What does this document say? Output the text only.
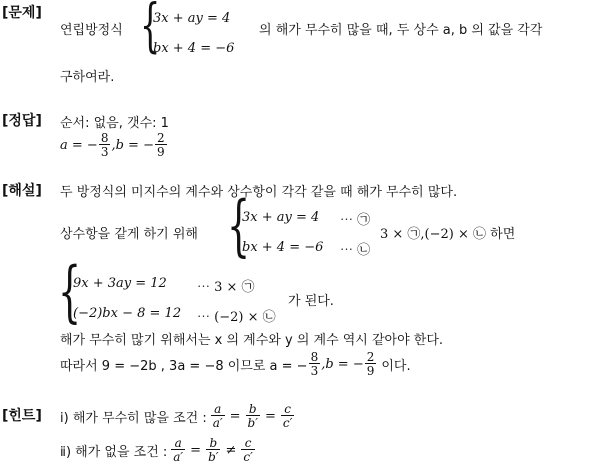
[문제]
연립방정식 {
3x + ay = 4
bx + 4 = −6
의 해가 무수히 많을 때, 두 상수 a, b 의 값을 각각
구하여라.
[정답] 순서: 없음, 갯수: 1
a = − $\frac{8}{3} ,b$ = − $\frac{2}{9}$
[해설] 두 방정식의 미지수의 계수와 상수항이 각각 같을 때 해가 무수히 많다.
상수항을 같게 하기 위해 {
3x + ay = 4 ⋯ ㉠
bx + 4 = −6 ⋯ ㉡
3 × ㉠,(−2) × ㉡ 하면
{
9x + 3ay = 12 ⋯ 3 × ㉠
(−2)bx − 8 = 12 ⋯ (−2) × ㉡
가 된다.
해가 무수히 많기 위해서는 x 의 계수와 y 의 계수 역시 같아야 한다.
따라서 9 = −2b , 3a = −8 이므로 a = − $\frac{8}{3} ,b$ = − $\frac{2}{9}$ 이다.
[힌트] ⅰ) 해가 무수히 많을 조건 : $\frac{a}{a'} = \frac{b}{b'} = \frac{c}{c'}$
ⅱ) 해가 없을 조건 : $\frac{a}{a'} = \frac{b}{b'} \ne \frac{c}{c'}$
